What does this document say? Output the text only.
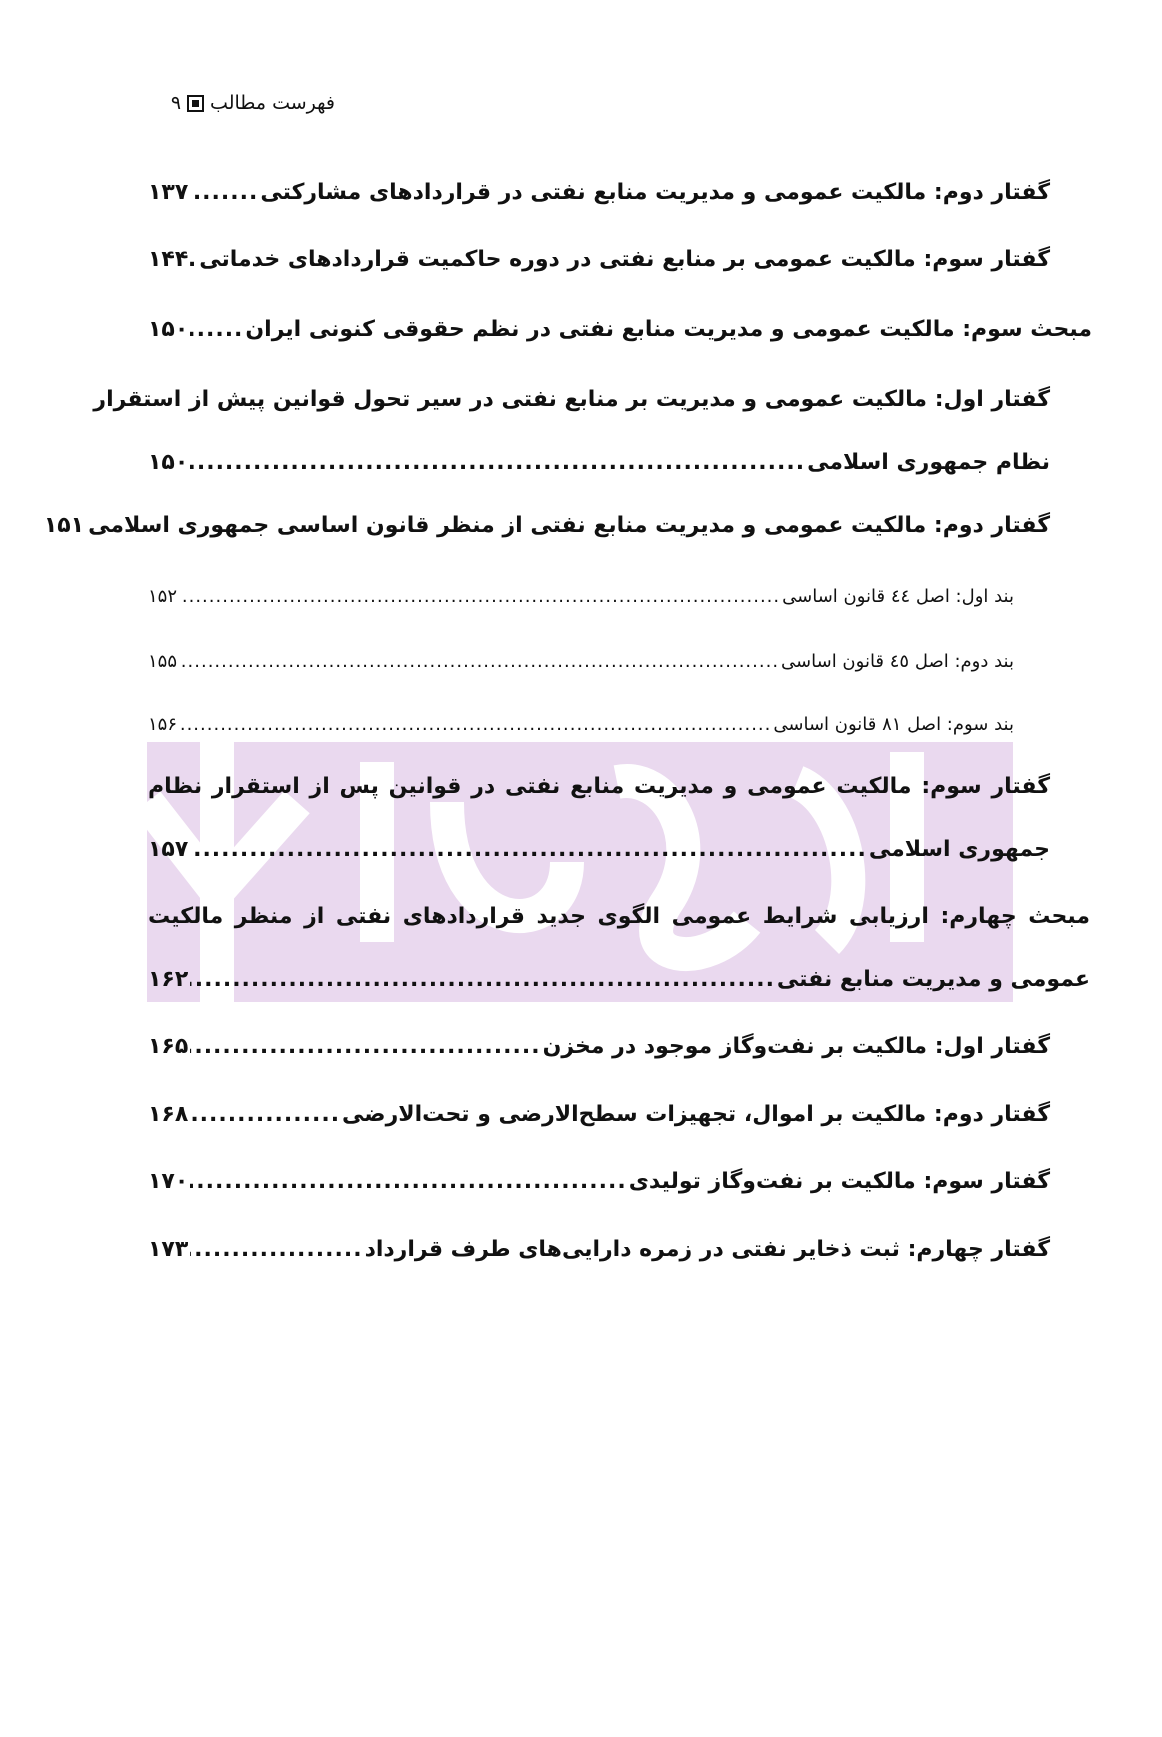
فهرست مطالب
۹
گفتار دوم: مالکیت عمومی و مدیریت منابع نفتی در قراردادهای مشارکتی
.....
۱۳۷
گفتار سوم: مالکیت عمومی بر منابع نفتی در دوره حاکمیت قراردادهای خدماتی
.....
۱۴۴
مبحث سوم: مالکیت عمومی و مدیریت منابع نفتی در نظم حقوقی کنونی ایران
.....
۱۵۰
گفتار اول: مالکیت عمومی و مدیریت بر منابع نفتی در سیر تحول قوانین پیش از استقرار
نظام جمهوری اسلامی
.....
۱۵۰
گفتار دوم: مالکیت عمومی و مدیریت منابع نفتی از منظر قانون اساسی جمهوری اسلامی
۱۵۱
بند اول: اصل ٤٤ قانون اساسی
.....
۱۵۲
بند دوم: اصل ٤٥ قانون اساسی
.....
۱۵۵
بند سوم: اصل ۸۱ قانون اساسی
.....
۱۵۶
گفتار سوم: مالکیت عمومی و مدیریت منابع نفتی در قوانین پس از استقرار نظام
جمهوری اسلامی
.....
۱۵۷
مبحث چهارم: ارزیابی شرایط عمومی الگوی جدید قراردادهای نفتی از منظر مالکیت
عمومی و مدیریت منابع نفتی
.....
۱۶۲
گفتار اول: مالکیت بر نفت‌وگاز موجود در مخزن
.....
۱۶۵
گفتار دوم: مالکیت بر اموال، تجهیزات سطح‌الارضی و تحت‌الارضی
.....
۱۶۸
گفتار سوم: مالکیت بر نفت‌وگاز تولیدی
.....
۱۷۰
گفتار چهارم: ثبت ذخایر نفتی در زمره دارایی‌های طرف قرارداد
.....
۱۷۳
